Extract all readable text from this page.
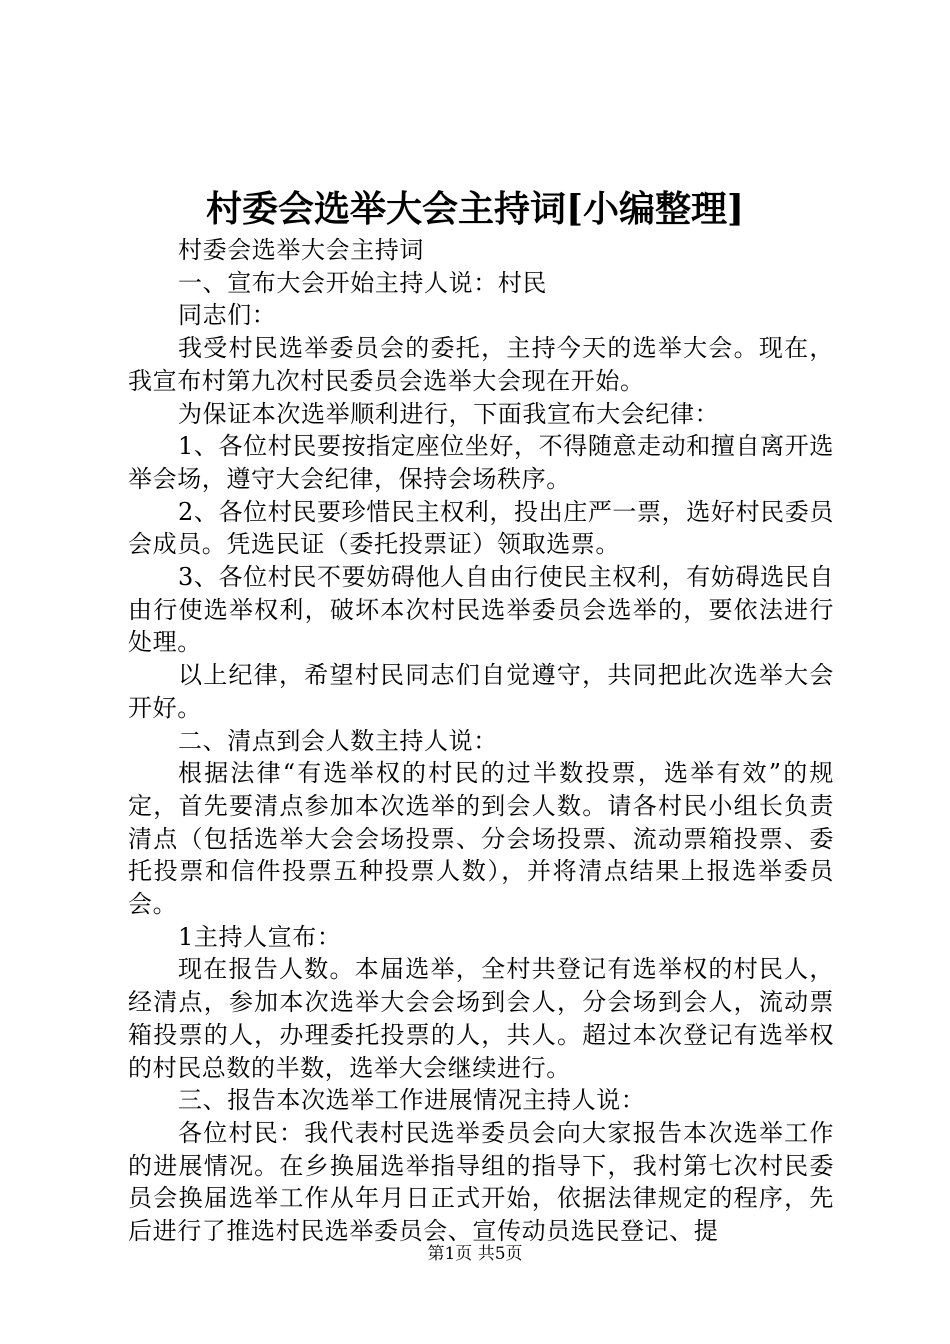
村委会选举大会主持词[小编整理]

村委会选举大会主持词

一、宣布大会开始主持人说：村民

同志们：

我受村民选举委员会的委托，主持今天的选举大会。现在，我宣布村第九次村民委员会选举大会现在开始。

为保证本次选举顺利进行，下面我宣布大会纪律：

1、各位村民要按指定座位坐好，不得随意走动和擅自离开选举会场，遵守大会纪律，保持会场秩序。

2、各位村民要珍惜民主权利，投出庄严一票，选好村民委员会成员。凭选民证（委托投票证）领取选票。

3、各位村民不要妨碍他人自由行使民主权利，有妨碍选民自由行使选举权利，破坏本次村民选举委员会选举的，要依法进行处理。

以上纪律，希望村民同志们自觉遵守，共同把此次选举大会开好。

二、清点到会人数主持人说：

根据法律“有选举权的村民的过半数投票，选举有效”的规定，首先要清点参加本次选举的到会人数。请各村民小组长负责清点（包括选举大会会场投票、分会场投票、流动票箱投票、委托投票和信件投票五种投票人数），并将清点结果上报选举委员会。

1主持人宣布：

现在报告人数。本届选举，全村共登记有选举权的村民人，经清点，参加本次选举大会会场到会人，分会场到会人，流动票箱投票的人，办理委托投票的人，共人。超过本次登记有选举权的村民总数的半数，选举大会继续进行。

三、报告本次选举工作进展情况主持人说：

各位村民：我代表村民选举委员会向大家报告本次选举工作的进展情况。在乡换届选举指导组的指导下，我村第七次村民委员会换届选举工作从年月日正式开始，依据法律规定的程序，先后进行了推选村民选举委员会、宣传动员选民登记、提

第1页 共5页
